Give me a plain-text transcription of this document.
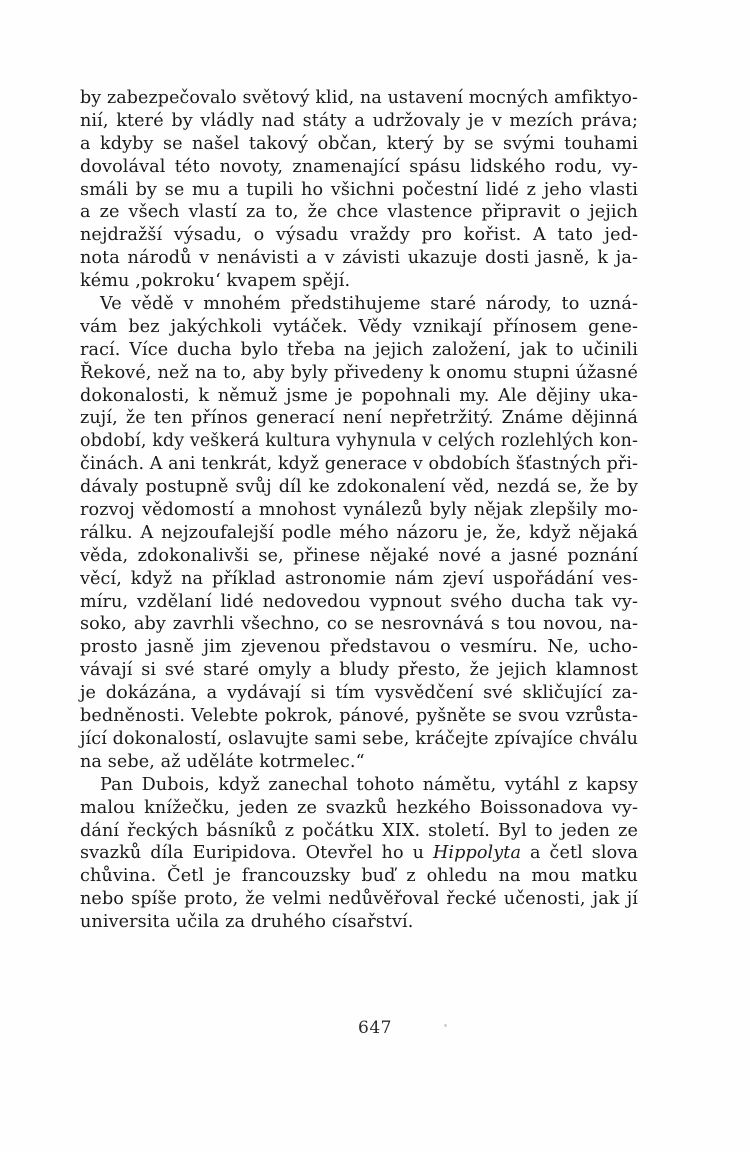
by zabezpečovalo světový klid, na ustavení mocných amfiktyo-
nií, které by vládly nad státy a udržovaly je v mezích práva;
a kdyby se našel takový občan, který by se svými touhami
dovolával této novoty, znamenající spásu lidského rodu, vy-
smáli by se mu a tupili ho všichni počestní lidé z jeho vlasti
a ze všech vlastí za to, že chce vlastence připravit o jejich
nejdražší výsadu, o výsadu vraždy pro kořist. A tato jed-
nota národů v nenávisti a v závisti ukazuje dosti jasně, k ja-
kému ‚pokroku‘ kvapem spějí.
Ve vědě v mnohém předstihujeme staré národy, to uzná-
vám bez jakýchkoli vytáček. Vědy vznikají přínosem gene-
rací. Více ducha bylo třeba na jejich založení, jak to učinili
Řekové, než na to, aby byly přivedeny k onomu stupni úžasné
dokonalosti, k němuž jsme je popohnali my. Ale dějiny uka-
zují, že ten přínos generací není nepřetržitý. Známe dějinná
období, kdy veškerá kultura vyhynula v celých rozlehlých kon-
činách. A ani tenkrát, když generace v obdobích šťastných při-
dávaly postupně svůj díl ke zdokonalení věd, nezdá se, že by
rozvoj vědomostí a mnohost vynálezů byly nějak zlepšily mo-
rálku. A nejzoufalejší podle mého názoru je, že, když nějaká
věda, zdokonalivši se, přinese nějaké nové a jasné poznání
věcí, když na příklad astronomie nám zjeví uspořádání ves-
míru, vzdělaní lidé nedovedou vypnout svého ducha tak vy-
soko, aby zavrhli všechno, co se nesrovnává s tou novou, na-
prosto jasně jim zjevenou představou o vesmíru. Ne, ucho-
vávají si své staré omyly a bludy přesto, že jejich klamnost
je dokázána, a vydávají si tím vysvědčení své skličující za-
bedněnosti. Velebte pokrok, pánové, pyšněte se svou vzrůsta-
jící dokonalostí, oslavujte sami sebe, kráčejte zpívajíce chválu
na sebe, až uděláte kotrmelec.“
Pan Dubois, když zanechal tohoto námětu, vytáhl z kapsy
malou knížečku, jeden ze svazků hezkého Boissonadova vy-
dání řeckých básníků z počátku XIX. století. Byl to jeden ze
svazků díla Euripidova. Otevřel ho u Hippolyta a četl slova
chůvina. Četl je francouzsky buď z ohledu na mou matku
nebo spíše proto, že velmi nedůvěřoval řecké učenosti, jak jí
universita učila za druhého císařství.
647
